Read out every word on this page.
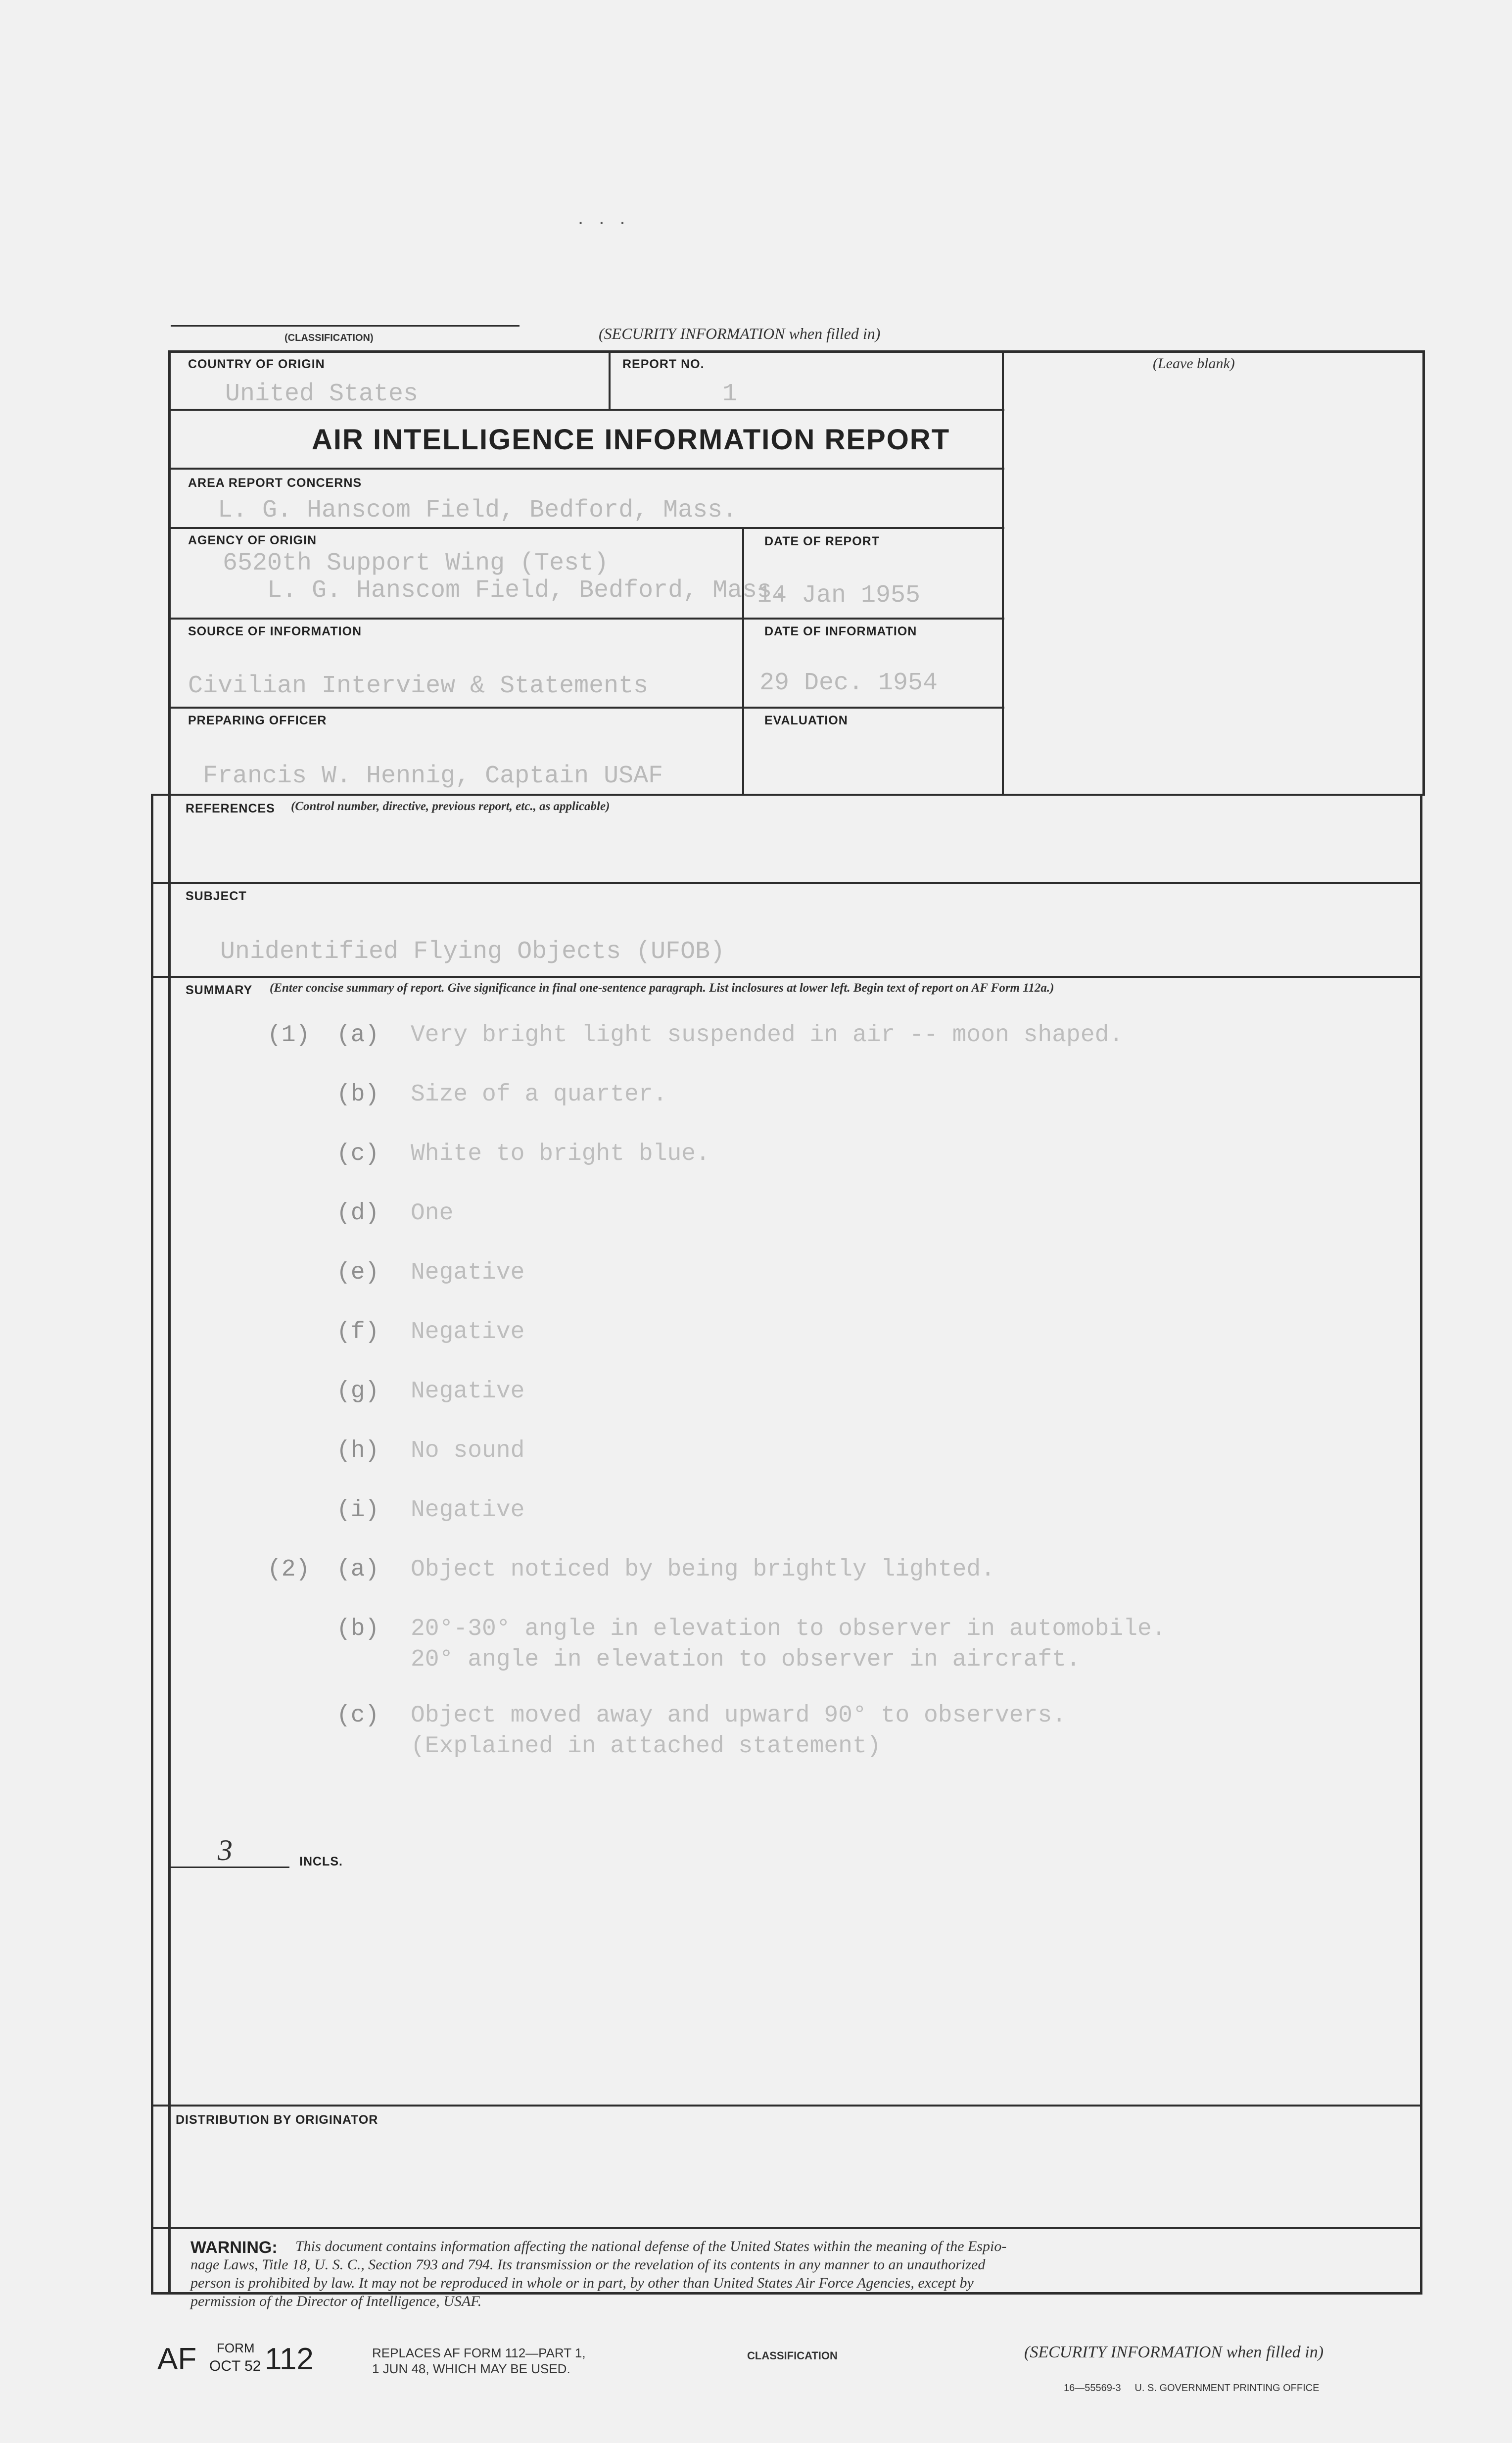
. . .
(CLASSIFICATION)	(SECURITY INFORMATION when filled in)
COUNTRY OF ORIGIN
United States
REPORT NO.
1
(Leave blank)
AIR INTELLIGENCE INFORMATION REPORT
AREA REPORT CONCERNS
L. G. Hanscom Field, Bedford, Mass.
AGENCY OF ORIGIN
6520th Support Wing (Test)
L. G. Hanscom Field, Bedford, Mass.
DATE OF REPORT
14 Jan 1955
SOURCE OF INFORMATION
Civilian Interview & Statements
DATE OF INFORMATION
29 Dec. 1954
PREPARING OFFICER
Francis W. Hennig, Captain USAF
EVALUATION
REFERENCES (Control number, directive, previous report, etc., as applicable)
SUBJECT
Unidentified Flying Objects (UFOB)
SUMMARY (Enter concise summary of report. Give significance in final one-sentence paragraph. List inclosures at lower left. Begin text of report on AF Form 112a.)
(1) (a) Very bright light suspended in air -- moon shaped.
(b) Size of a quarter.
(c) White to bright blue.
(d) One
(e) Negative
(f) Negative
(g) Negative
(h) No sound
(i) Negative
(2) (a) Object noticed by being brightly lighted.
(b) 20°-30° angle in elevation to observer in automobile.
20° angle in elevation to observer in aircraft.
(c) Object moved away and upward 90° to observers.
(Explained in attached statement)
3	INCLS.
DISTRIBUTION BY ORIGINATOR
WARNING: This document contains information affecting the national defense of the United States within the meaning of the Espio-
nage Laws, Title 18, U. S. C., Section 793 and 794. Its transmission or the revelation of its contents in any manner to an unauthorized
person is prohibited by law. It may not be reproduced in whole or in part, by other than United States Air Force Agencies, except by
permission of the Director of Intelligence, USAF.
AF FORM
OCT 52 112	REPLACES AF FORM 112—PART 1,
1 JUN 48, WHICH MAY BE USED.
CLASSIFICATION	(SECURITY INFORMATION when filled in)
16—55569-3     U. S. GOVERNMENT PRINTING OFFICE
